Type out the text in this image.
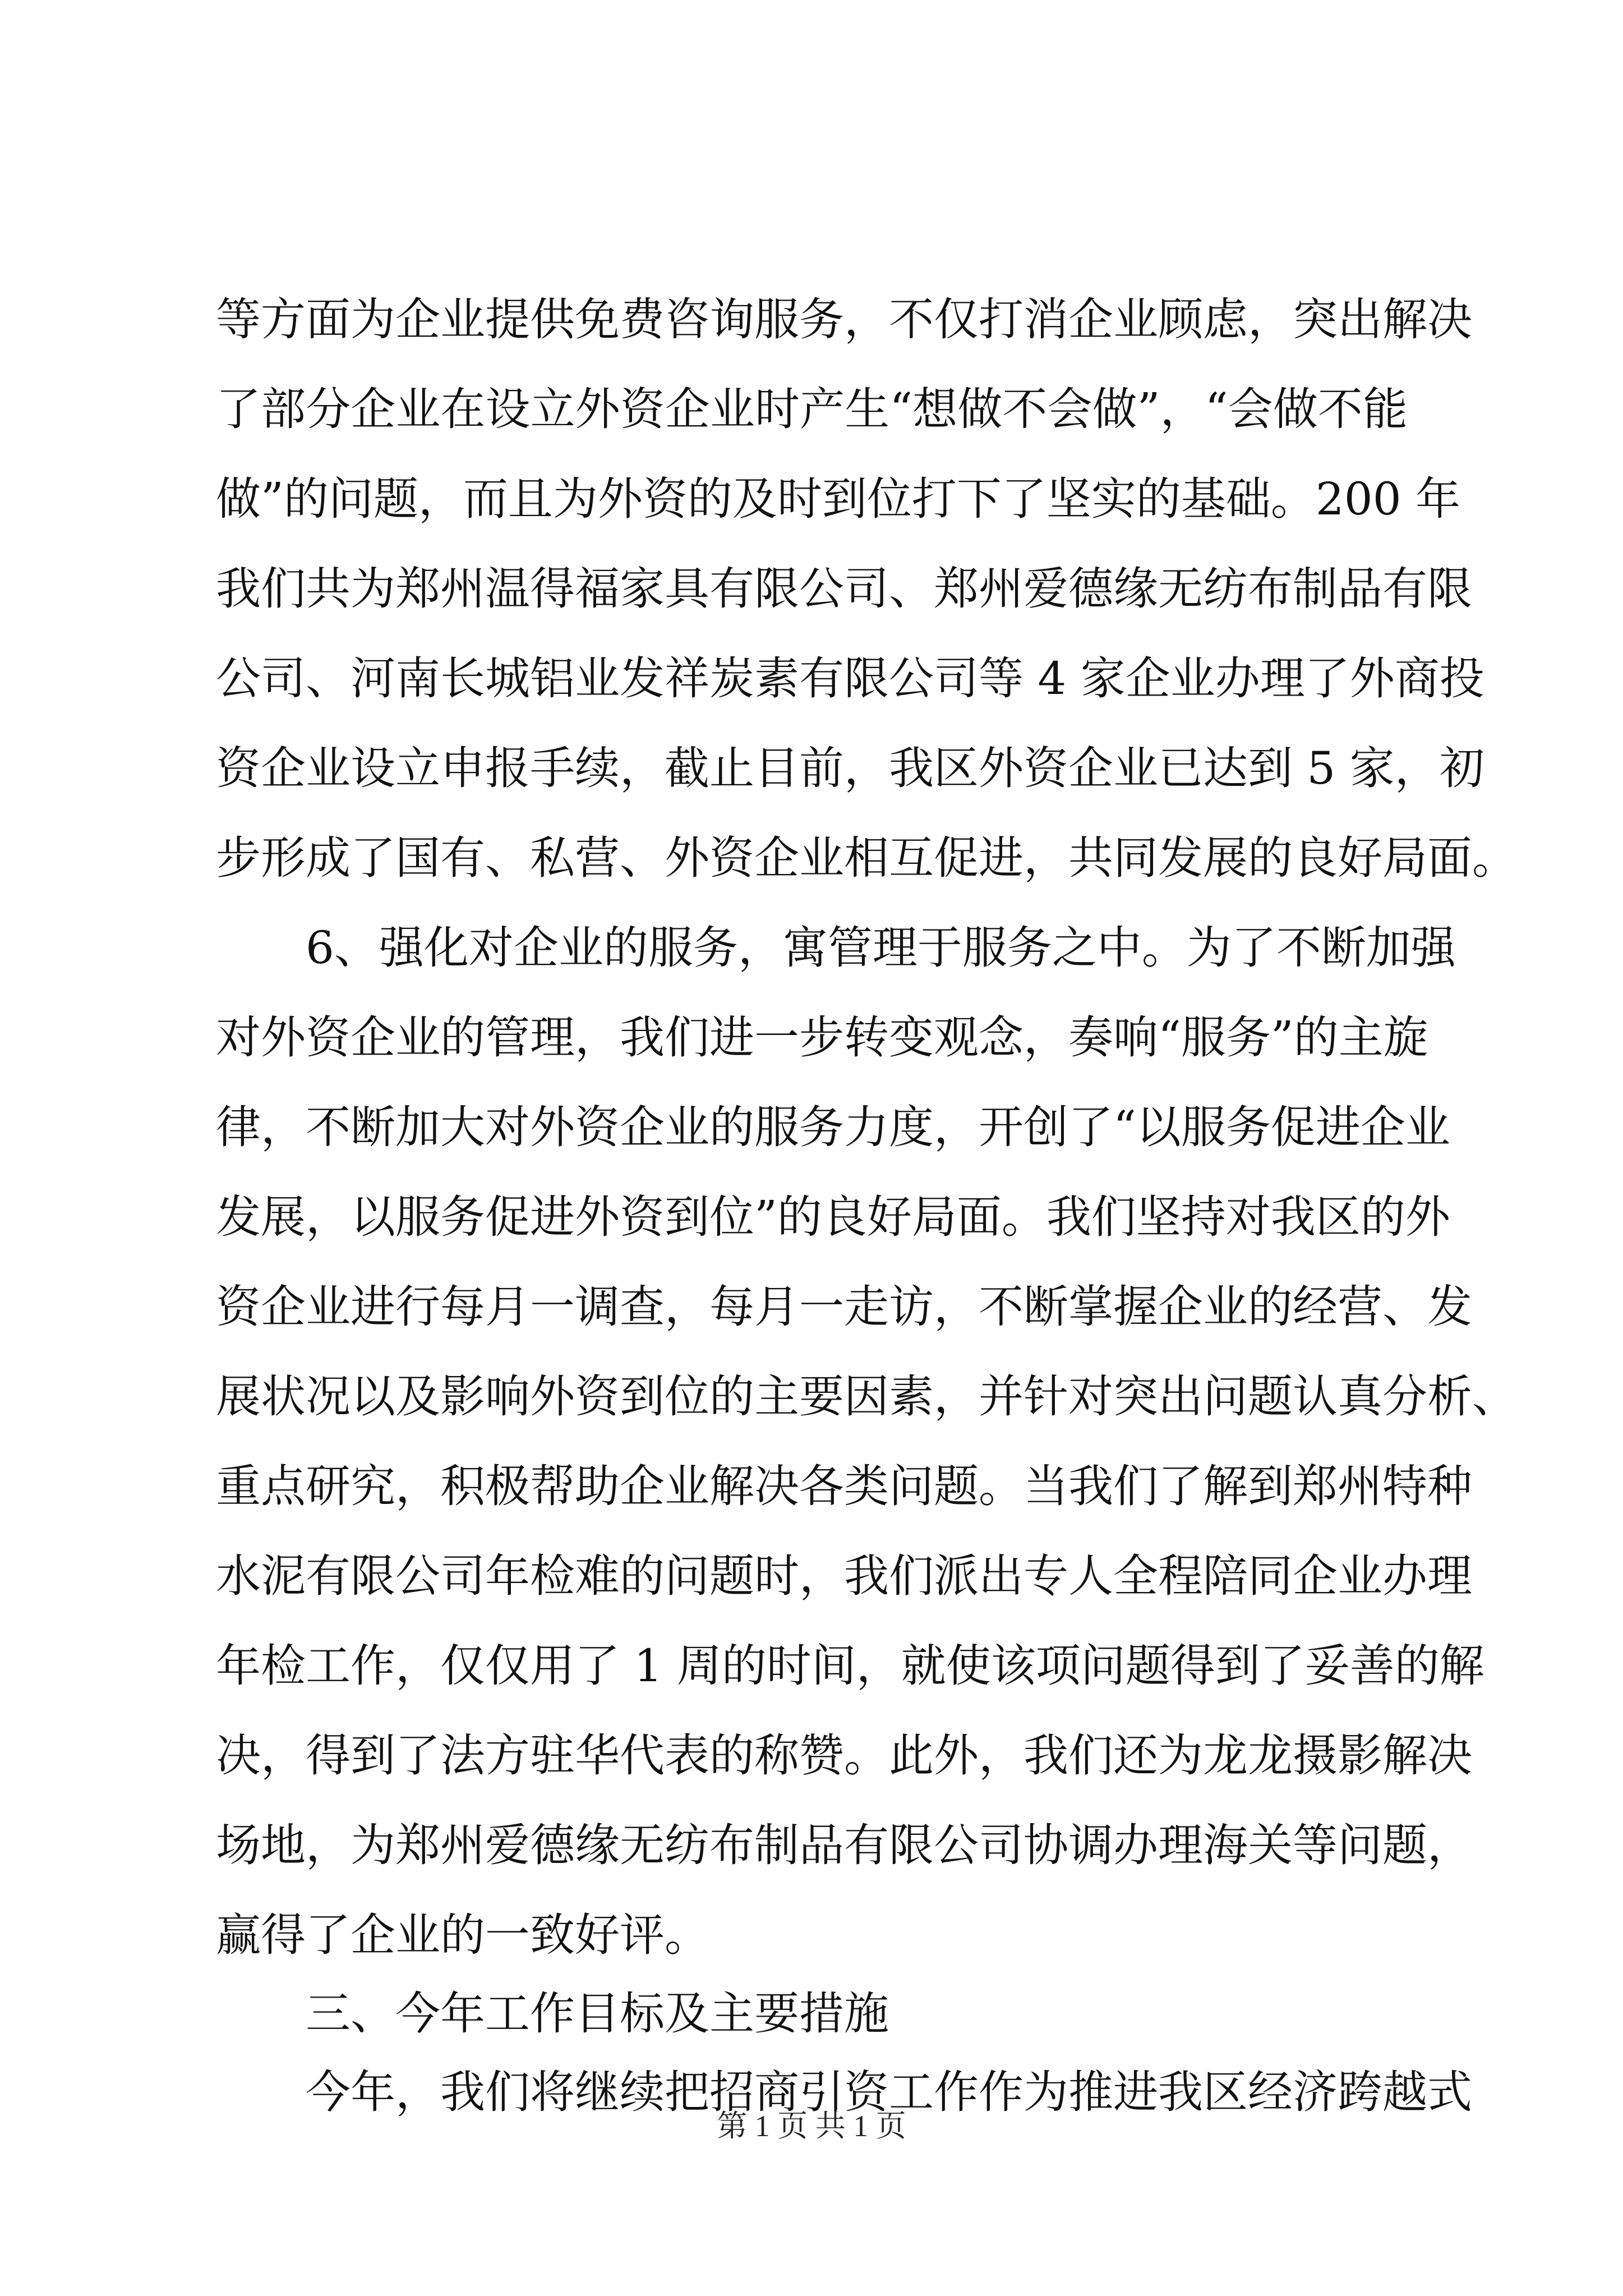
等方面为企业提供免费咨询服务，不仅打消企业顾虑，突出解决
了部分企业在设立外资企业时产生“想做不会做”，“会做不能
做”的问题，而且为外资的及时到位打下了坚实的基础。200 年
我们共为郑州温得福家具有限公司、郑州爱德缘无纺布制品有限
公司、河南长城铝业发祥炭素有限公司等 4 家企业办理了外商投
资企业设立申报手续，截止目前，我区外资企业已达到 5 家，初
步形成了国有、私营、外资企业相互促进，共同发展的良好局面。
6、强化对企业的服务，寓管理于服务之中。为了不断加强
对外资企业的管理，我们进一步转变观念，奏响“服务”的主旋
律，不断加大对外资企业的服务力度，开创了“以服务促进企业
发展，以服务促进外资到位”的良好局面。我们坚持对我区的外
资企业进行每月一调查，每月一走访，不断掌握企业的经营、发
展状况以及影响外资到位的主要因素，并针对突出问题认真分析、
重点研究，积极帮助企业解决各类问题。当我们了解到郑州特种
水泥有限公司年检难的问题时，我们派出专人全程陪同企业办理
年检工作，仅仅用了 1 周的时间，就使该项问题得到了妥善的解
决，得到了法方驻华代表的称赞。此外，我们还为龙龙摄影解决
场地，为郑州爱德缘无纺布制品有限公司协调办理海关等问题，
赢得了企业的一致好评。
三、今年工作目标及主要措施
今年，我们将继续把招商引资工作作为推进我区经济跨越式
第 1 页 共 1 页
